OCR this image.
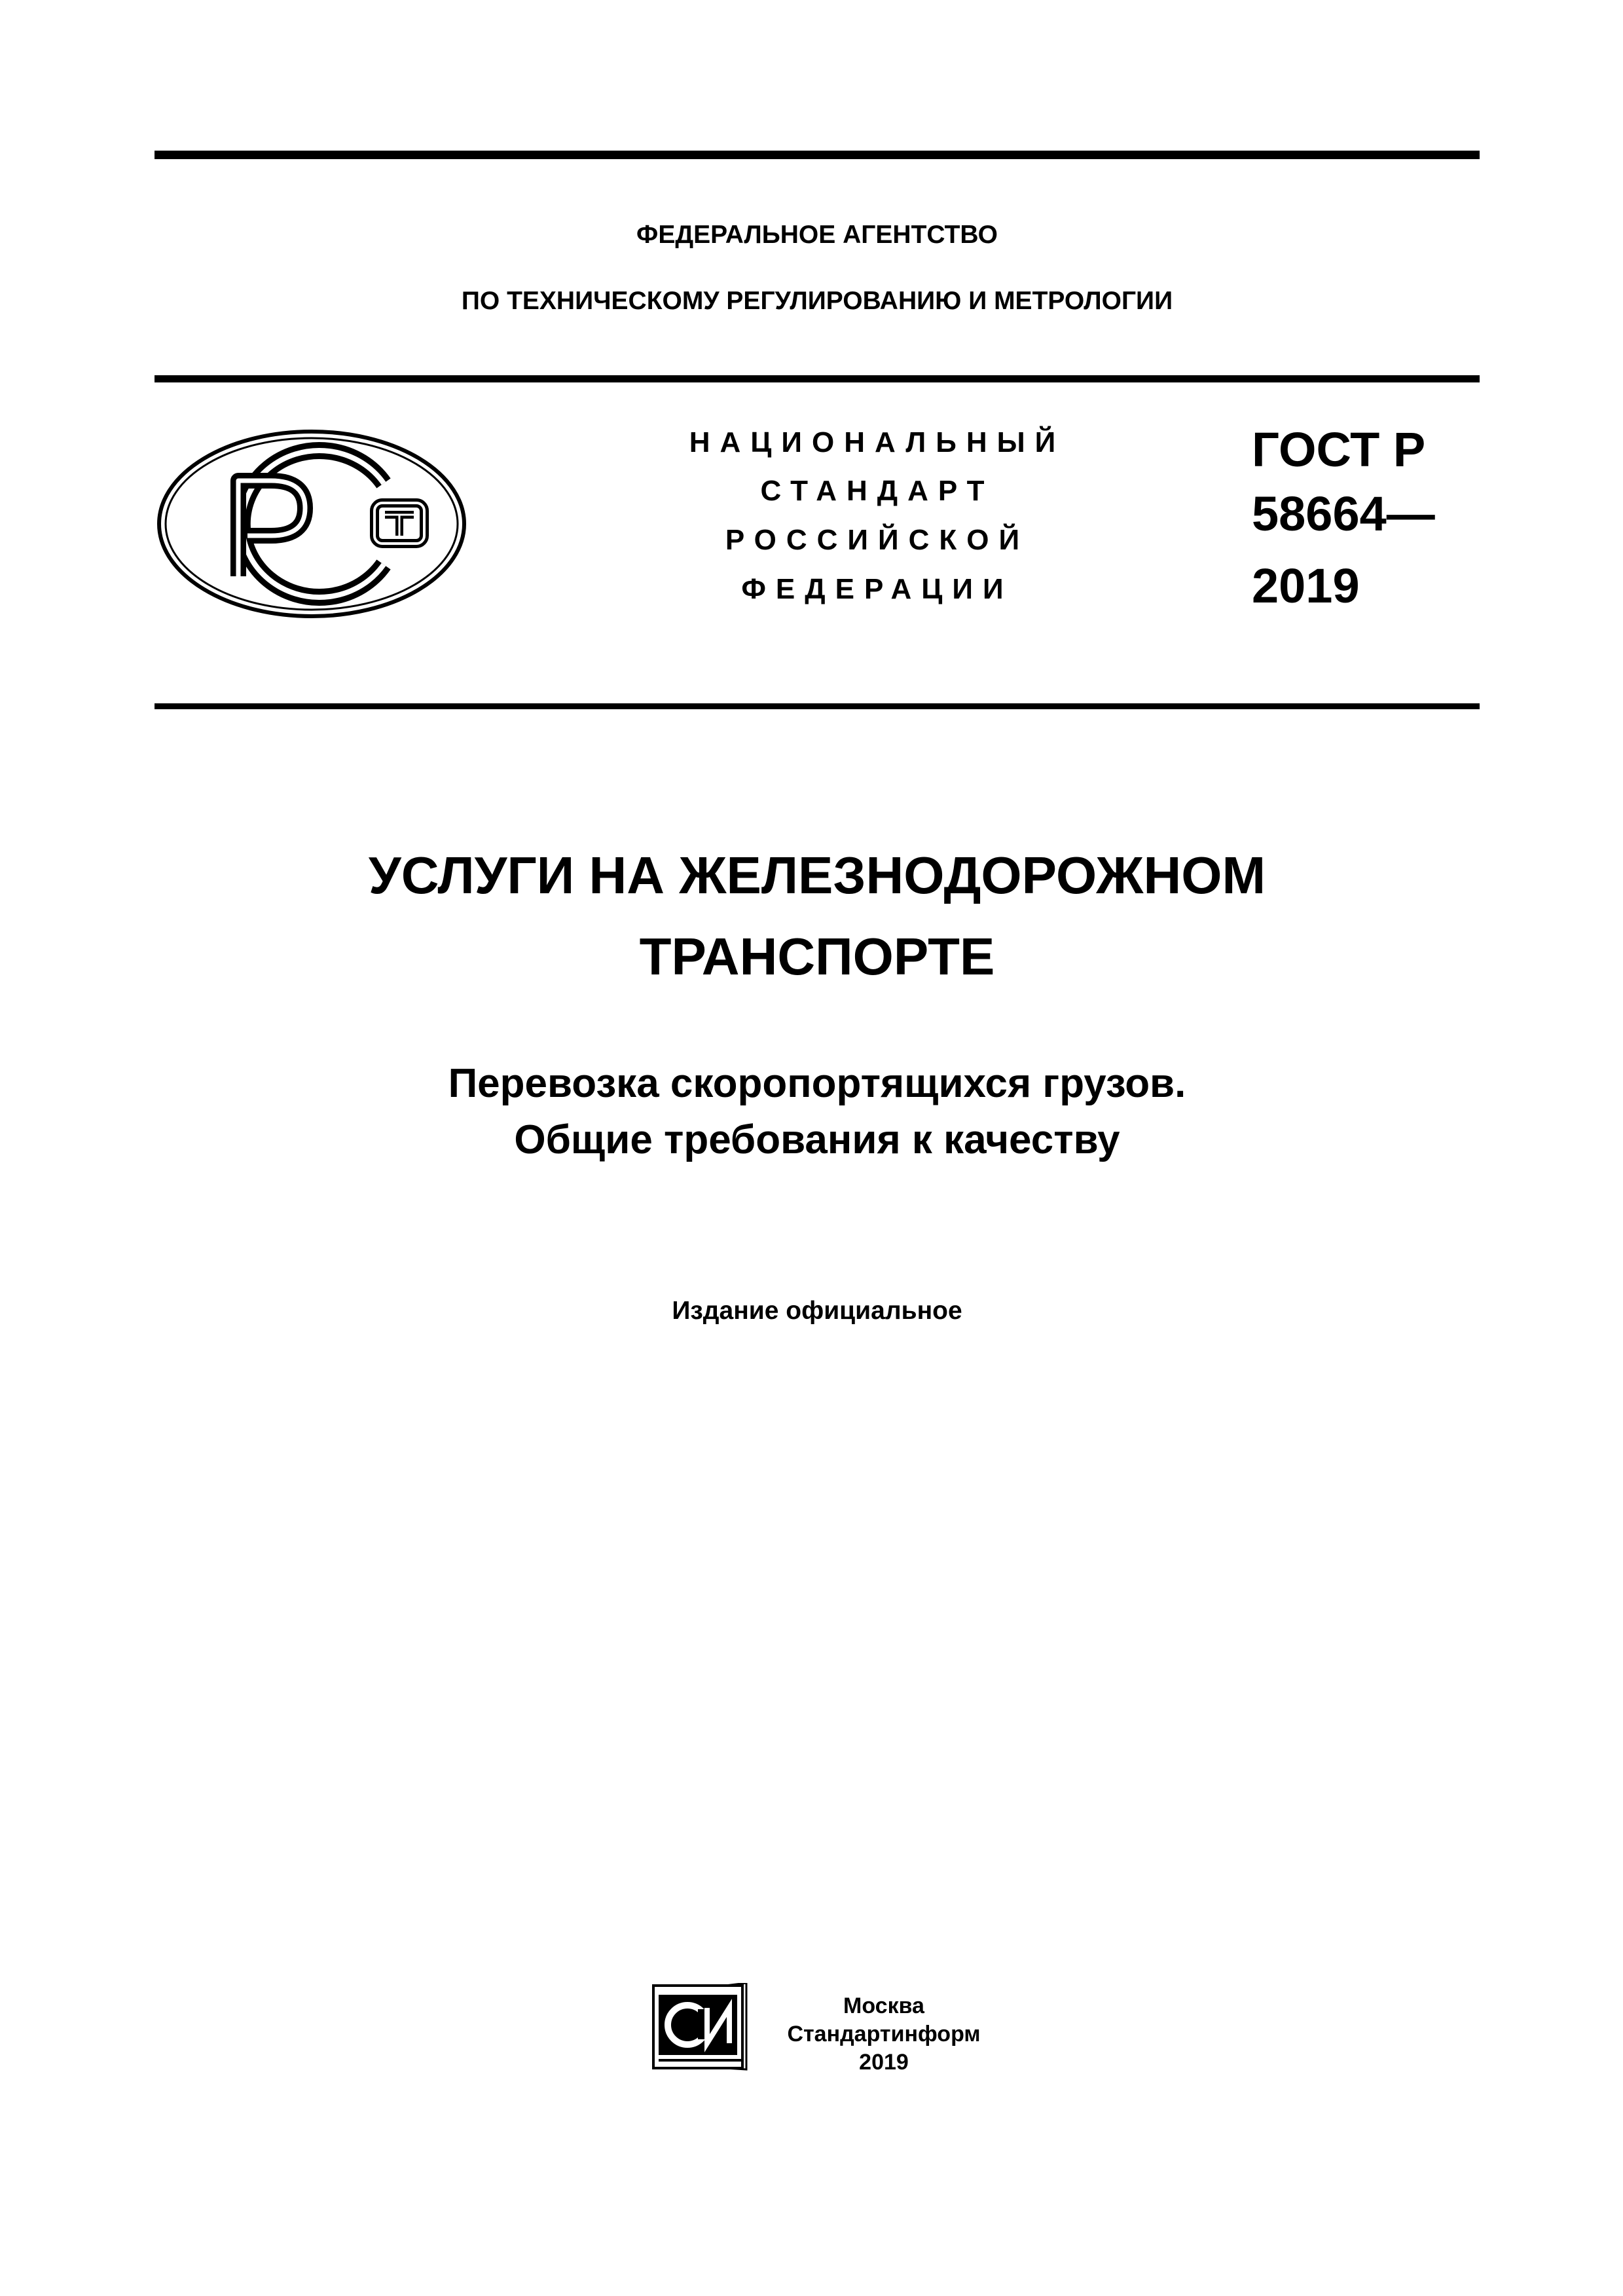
ФЕДЕРАЛЬНОЕ АГЕНТСТВО
ПО ТЕХНИЧЕСКОМУ РЕГУЛИРОВАНИЮ И МЕТРОЛОГИИ
НАЦИОНАЛЬНЫЙ
СТАНДАРТ
РОССИЙСКОЙ
ФЕДЕРАЦИИ
ГОСТ Р
58664—
2019
УСЛУГИ НА ЖЕЛЕЗНОДОРОЖНОМ
ТРАНСПОРТЕ
Перевозка скоропортящихся грузов.
Общие требования к качеству
Издание официальное
Москва
Стандартинформ
2019
